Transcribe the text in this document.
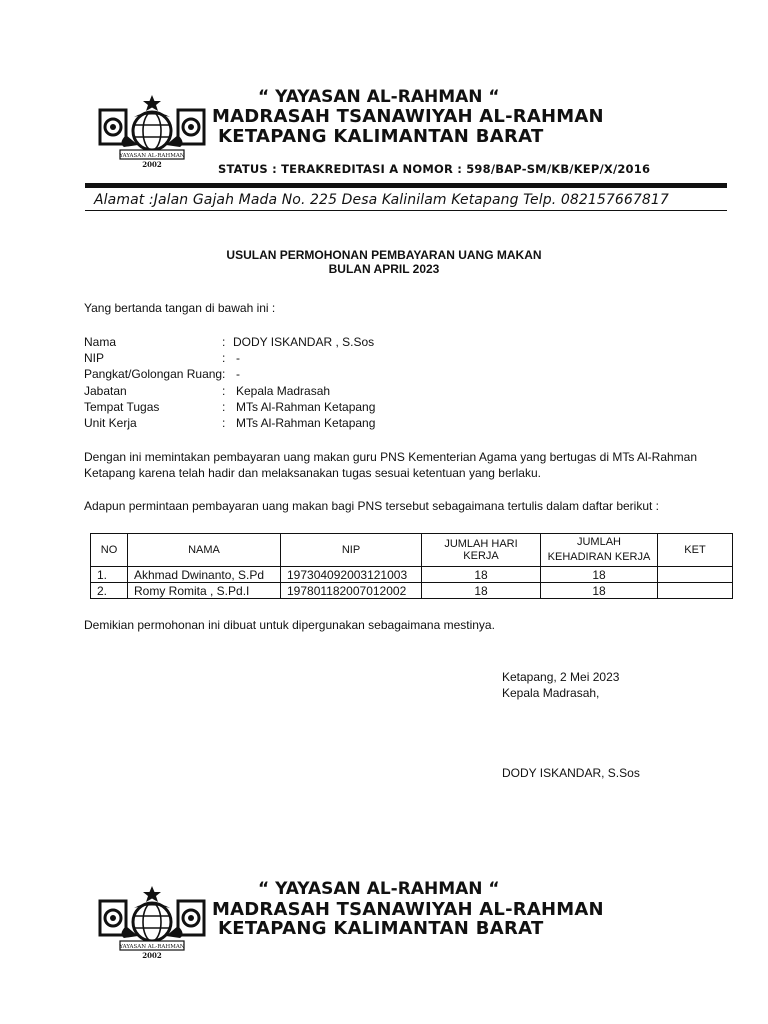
YAYASAN AL-RAHMAN
2002
“ YAYASAN AL-RAHMAN “
MADRASAH TSANAWIYAH AL-RAHMAN
KETAPANG KALIMANTAN BARAT
STATUS : TERAKREDITASI A NOMOR : 598/BAP-SM/KB/KEP/X/2016
Alamat :Jalan Gajah Mada No. 225 Desa Kalinilam Ketapang Telp. 082157667817
USULAN PERMOHONAN PEMBAYARAN UANG MAKAN
BULAN APRIL 2023
Yang bertanda tangan di bawah ini :
Nama	: DODY ISKANDAR , S.Sos
NIP	: -
Pangkat/Golongan Ruang : -
Jabatan	: Kepala Madrasah
Tempat Tugas	: MTs Al-Rahman Ketapang
Unit Kerja	: MTs Al-Rahman Ketapang
Dengan ini memintakan pembayaran uang makan guru PNS Kementerian Agama yang bertugas di MTs Al-Rahman
Ketapang karena telah hadir dan melaksanakan tugas sesuai ketentuan yang berlaku.
Adapun permintaan pembayaran uang makan bagi PNS tersebut sebagaimana tertulis dalam daftar berikut :
NO	NAMA	NIP	JUMLAH HARI KERJA	JUMLAH KEHADIRAN KERJA	KET
1.	Akhmad Dwinanto, S.Pd	197304092003121003	18	18	
2.	Romy Romita , S.Pd.I	197801182007012002	18	18	
Demikian permohonan ini dibuat untuk dipergunakan sebagaimana mestinya.
Ketapang, 2 Mei 2023
Kepala Madrasah,
DODY ISKANDAR, S.Sos
YAYASAN AL-RAHMAN
2002
“ YAYASAN AL-RAHMAN “
MADRASAH TSANAWIYAH AL-RAHMAN
KETAPANG KALIMANTAN BARAT
